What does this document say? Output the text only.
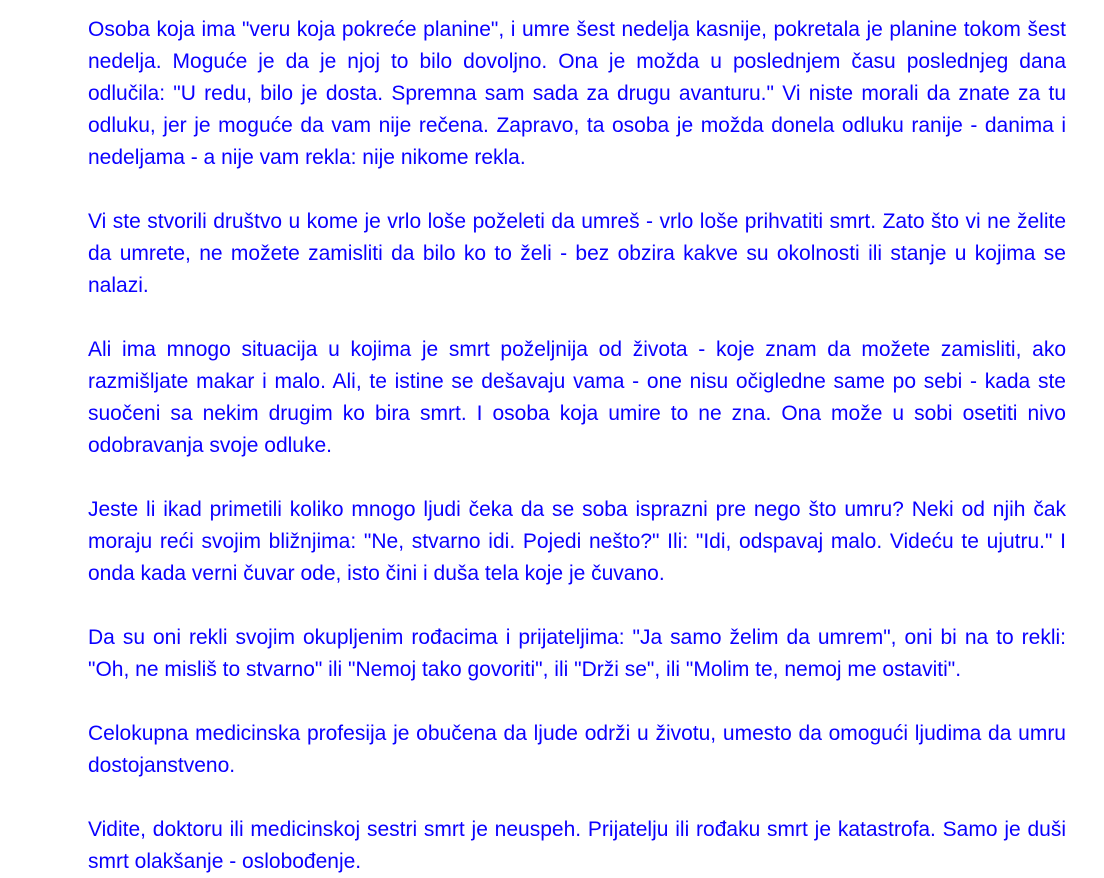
Osoba koja ima "veru koja pokreće planine", i umre šest nedelja kasnije, pokretala je planine tokom šest nedelja. Moguće je da je njoj to bilo dovoljno. Ona je možda u poslednjem času poslednjeg dana odlučila: "U redu, bilo je dosta. Spremna sam sada za drugu avanturu." Vi niste morali da znate za tu odluku, jer je moguće da vam nije rečena. Zapravo, ta osoba je možda donela odluku ranije - danima i nedeljama - a nije vam rekla: nije nikome rekla.

Vi ste stvorili društvo u kome je vrlo loše poželeti da umreš - vrlo loše prihvatiti smrt. Zato što vi ne želite da umrete, ne možete zamisliti da bilo ko to želi - bez obzira kakve su okolnosti ili stanje u kojima se nalazi.

Ali ima mnogo situacija u kojima je smrt poželjnija od života - koje znam da možete zamisliti, ako razmišljate makar i malo. Ali, te istine se dešavaju vama - one nisu očigledne same po sebi - kada ste suočeni sa nekim drugim ko bira smrt. I osoba koja umire to ne zna. Ona može u sobi osetiti nivo odobravanja svoje odluke.

Jeste li ikad primetili koliko mnogo ljudi čeka da se soba isprazni pre nego što umru? Neki od njih čak moraju reći svojim bližnjima: "Ne, stvarno idi. Pojedi nešto?" Ili: "Idi, odspavaj malo. Videću te ujutru." I onda kada verni čuvar ode, isto čini i duša tela koje je čuvano.

Da su oni rekli svojim okupljenim rođacima i prijateljima: "Ja samo želim da umrem", oni bi na to rekli: "Oh, ne misliš to stvarno" ili "Nemoj tako govoriti", ili "Drži se", ili "Molim te, nemoj me ostaviti".

Celokupna medicinska profesija je obučena da ljude održi u životu, umesto da omogući ljudima da umru dostojanstveno.

Vidite, doktoru ili medicinskoj sestri smrt je neuspeh. Prijatelju ili rođaku smrt je katastrofa. Samo je duši smrt olakšanje - oslobođenje.
